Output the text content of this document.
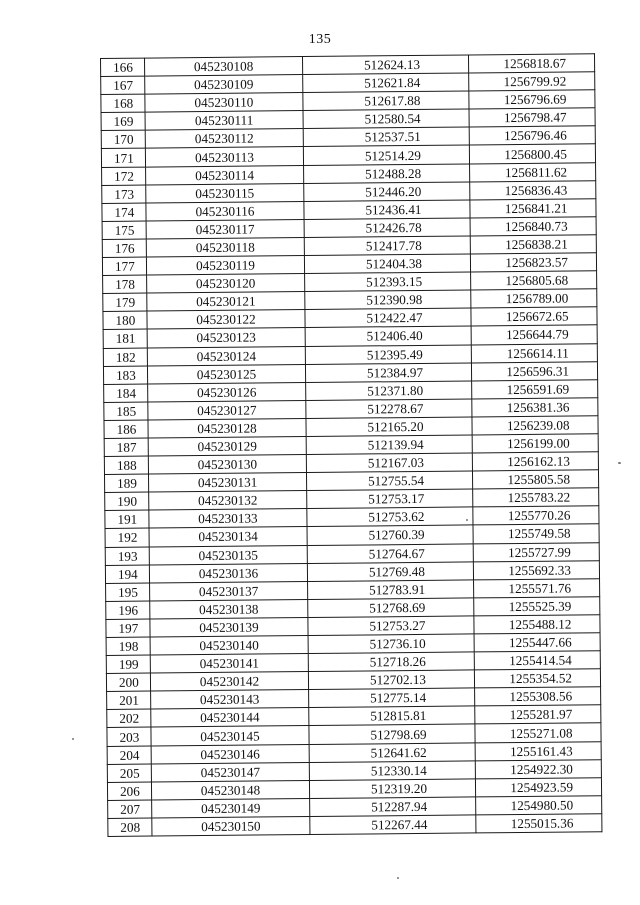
135
166	045230108	512624.13	1256818.67
167	045230109	512621.84	1256799.92
168	045230110	512617.88	1256796.69
169	045230111	512580.54	1256798.47
170	045230112	512537.51	1256796.46
171	045230113	512514.29	1256800.45
172	045230114	512488.28	1256811.62
173	045230115	512446.20	1256836.43
174	045230116	512436.41	1256841.21
175	045230117	512426.78	1256840.73
176	045230118	512417.78	1256838.21
177	045230119	512404.38	1256823.57
178	045230120	512393.15	1256805.68
179	045230121	512390.98	1256789.00
180	045230122	512422.47	1256672.65
181	045230123	512406.40	1256644.79
182	045230124	512395.49	1256614.11
183	045230125	512384.97	1256596.31
184	045230126	512371.80	1256591.69
185	045230127	512278.67	1256381.36
186	045230128	512165.20	1256239.08
187	045230129	512139.94	1256199.00
188	045230130	512167.03	1256162.13
189	045230131	512755.54	1255805.58
190	045230132	512753.17	1255783.22
191	045230133	512753.62	1255770.26
192	045230134	512760.39	1255749.58
193	045230135	512764.67	1255727.99
194	045230136	512769.48	1255692.33
195	045230137	512783.91	1255571.76
196	045230138	512768.69	1255525.39
197	045230139	512753.27	1255488.12
198	045230140	512736.10	1255447.66
199	045230141	512718.26	1255414.54
200	045230142	512702.13	1255354.52
201	045230143	512775.14	1255308.56
202	045230144	512815.81	1255281.97
203	045230145	512798.69	1255271.08
204	045230146	512641.62	1255161.43
205	045230147	512330.14	1254922.30
206	045230148	512319.20	1254923.59
207	045230149	512287.94	1254980.50
208	045230150	512267.44	1255015.36
